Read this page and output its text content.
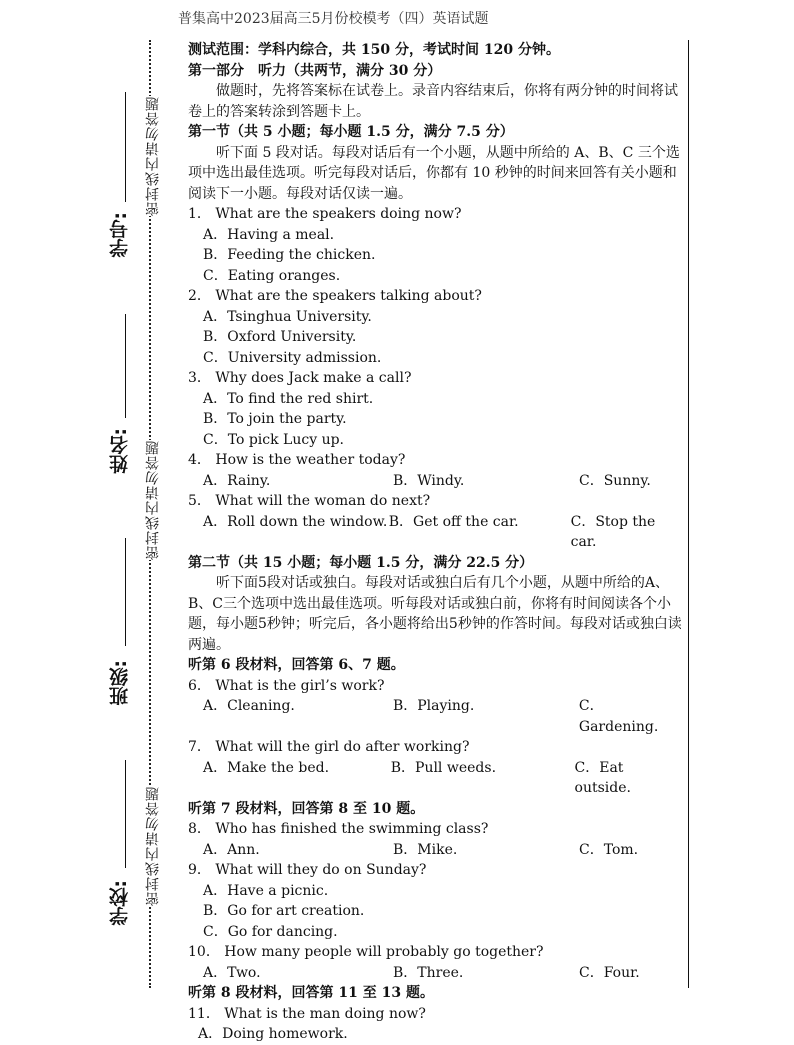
普集高中2023届高三5月份校模考（四）英语试题
密封线内请勿答题
密封线内请勿答题
密封线内请勿答题
学号:
姓名:
班级:
学校:

测试范围：学科内综合，共 150 分，考试时间 120 分钟。

第一部分　听力（共两节，满分 30 分）

做题时，先将答案标在试卷上。录音内容结束后，你将有两分钟的时间将试卷上的答案转涂到答题卡上。

第一节（共 5 小题；每小题 1.5 分，满分 7.5 分）

听下面 5 段对话。每段对话后有一个小题，从题中所给的 A、B、C 三个选项中选出最佳选项。听完每段对话后，你都有 10 秒钟的时间来回答有关小题和阅读下一小题。每段对话仅读一遍。

1． What are the speakers doing now?

A．Having a meal.

B．Feeding the chicken.

C．Eating oranges.

2． What are the speakers talking about?

A．Tsinghua University.

B．Oxford University.

C．University admission.

3． Why does Jack make a call?

A．To find the red shirt.

B．To join the party.

C．To pick Lucy up.

4． How is the weather today?

A．Rainy.	B．Windy.	C．Sunny.

5． What will the woman do next?

A．Roll down the window. B．Get off the car.	C．Stop the car.

第二节（共 15 小题；每小题 1.5 分，满分 22.5 分）

听下面5段对话或独白。每段对话或独白后有几个小题，从题中所给的A、B、C三个选项中选出最佳选项。听每段对话或独白前，你将有时间阅读各个小题，每小题5秒钟；听完后，各小题将给出5秒钟的作答时间。每段对话或独白读两遍。

听第 6 段材料，回答第 6、7 题。

6． What is the girl’s work?

A．Cleaning.	B．Playing.	C．Gardening.

7． What will the girl do after working?

A．Make the bed.	B．Pull weeds.	C．Eat outside.

听第 7 段材料，回答第 8 至 10 题。

8． Who has finished the swimming class?

A．Ann.	B．Mike.	C．Tom.

9． What will they do on Sunday?

A．Have a picnic.

B．Go for art creation.

C．Go for dancing.

10． How many people will probably go together?

A．Two.	B．Three.	C．Four.

听第 8 段材料，回答第 11 至 13 题。

11． What is the man doing now?

A．Doing homework.
